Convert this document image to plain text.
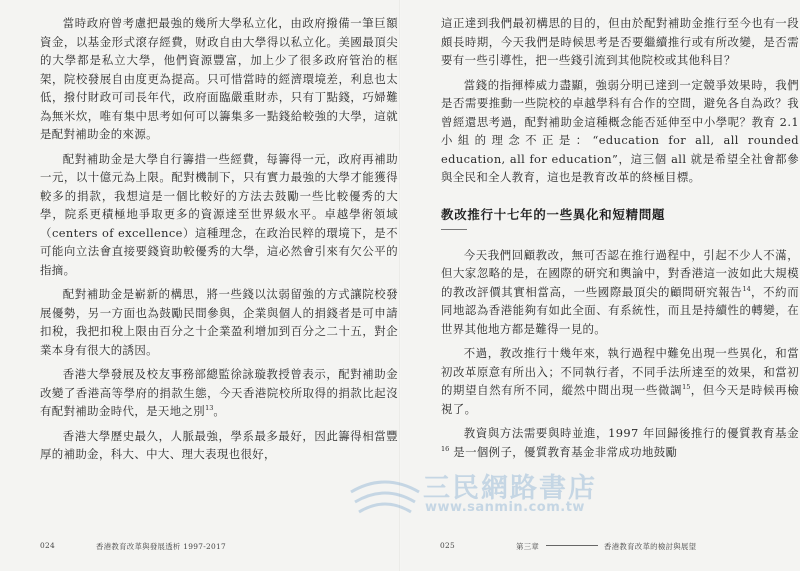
當時政府曾考慮把最強的幾所大學私立化，由政府撥備一筆巨額資金，以基金形式滾存經費，财政自由大學得以私立化。美國最頂尖的大學都是私立大學，他們資源豐富，加上少了很多政府管治的框架，院校發展自由度更為提高。只可惜當時的經濟環境差，利息也太低，撥付財政可司長年代，政府面臨嚴重財赤，只有丁點錢，巧婦難為無米炊，唯有集中思考如何可以籌集多一點錢給較強的大學，這就是配對補助金的來源。

配對補助金是大學自行籌措一些經費，每籌得一元，政府再補助一元，以十億元為上限。配對機制下，只有實力最強的大學才能獲得較多的捐款，我想這是一個比較好的方法去鼓勵一些比較優秀的大學，院系更積極地爭取更多的資源達至世界級水平。卓越學術領域（centers of excellence）這種理念，在政治民粹的環境下，是不可能向立法會直接要錢資助較優秀的大學，這必然會引來有欠公平的指摘。

配對補助金是嶄新的構思，將一些錢以汰弱留強的方式讓院校發展優勢，另一方面也為鼓勵民間參與，企業與個人的捐錢者是可申請扣稅，我把扣稅上限由百分之十企業盈利增加到百分之二十五，對企業本身有很大的誘因。

香港大學發展及校友事務部總監徐詠璇教授曾表示，配對補助金改變了香港高等學府的捐款生態，今天香港院校所取得的捐款比起沒有配對補助金時代，是天地之別$^{13}$。

香港大學歷史最久，人脈最強，學系最多最好，因此籌得相當豐厚的補助金，科大、中大、理大表現也很好，

這正達到我們最初構思的目的，但由於配對補助金推行至今也有一段頗長時期，今天我們是時候思考是否要繼續推行或有所改變，是否需要有一些引導性，把一些錢引流到其他院校或其他科目？

當錢的指揮棒威力盡顯，強弱分明已達到一定競爭效果時，我們是否需要推動一些院校的卓越學科有合作的空間，避免各自為政？我曾經還思考過，配對補助金這種概念能否延伸至中小學呢？教育 2.1 小組的理念不正是：“education for all, all rounded education, all for education”，這三個 all 就是希望全社會都參與全民和全人教育，這也是教育改革的終極目標。

教改推行十七年的一些異化和短精問題

今天我們回顧教改，無可否認在推行過程中，引起不少人不滿，但大家忽略的是，在國際的研究和輿論中，對香港這一波如此大規模的教改評價其實相當高，一些國際最頂尖的顧問研究報告$^{14}$，不約而同地認為香港能夠有如此全面、有系統性，而且是持續性的轉變，在世界其他地方都是難得一見的。

不過，教改推行十幾年來，執行過程中難免出現一些異化，和當初改革原意有所出入；不同執行者，不同手法所達至的效果，和當初的期望自然有所不同，縱然中間出現一些微調$^{15}$，但今天是時候再檢視了。

教資與方法需要與時並進，1997 年回歸後推行的優質教育基金$^{16}$ 是一個例子，優質教育基金非常成功地鼓勵

三民網路書店
www.sanmin.com.tw
024	香港教育改革與發展透析 1997-2017	025	第三章	香港教育改革的檢討與展望
